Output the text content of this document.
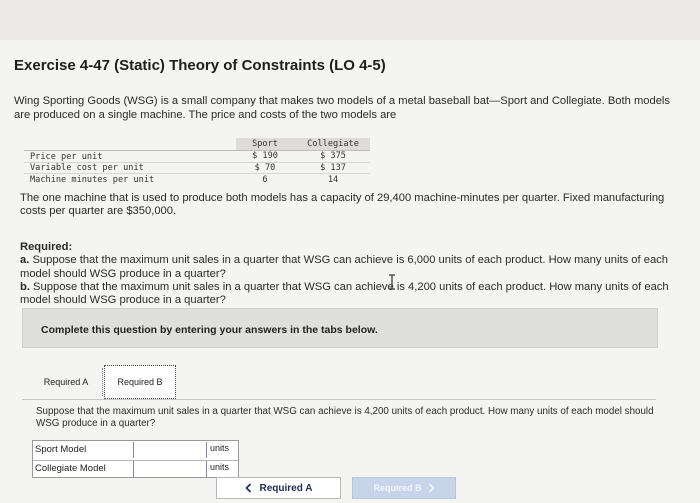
Exercise 4-47 (Static) Theory of Constraints (LO 4-5)
Wing Sporting Goods (WSG) is a small company that makes two models of a metal baseball bat—Sport and Collegiate. Both models
are produced on a single machine. The price and costs of the two models are
Sport	Collegiate
Price per unit	$ 190	$ 375
Variable cost per unit	$ 70	$ 137
Machine minutes per unit	6	14
The one machine that is used to produce both models has a capacity of 29,400 machine-minutes per quarter. Fixed manufacturing
costs per quarter are $350,000.
Required:
a. Suppose that the maximum unit sales in a quarter that WSG can achieve is 6,000 units of each product. How many units of each
model should WSG produce in a quarter?
b. Suppose that the maximum unit sales in a quarter that WSG can achieve is 4,200 units of each product. How many units of each
model should WSG produce in a quarter?
Complete this question by entering your answers in the tabs below.
Required A	Required B
Suppose that the maximum unit sales in a quarter that WSG can achieve is 4,200 units of each product. How many units of each model should WSG produce in a quarter?
Sport Model	units
Collegiate Model	units
Required A	Required B
